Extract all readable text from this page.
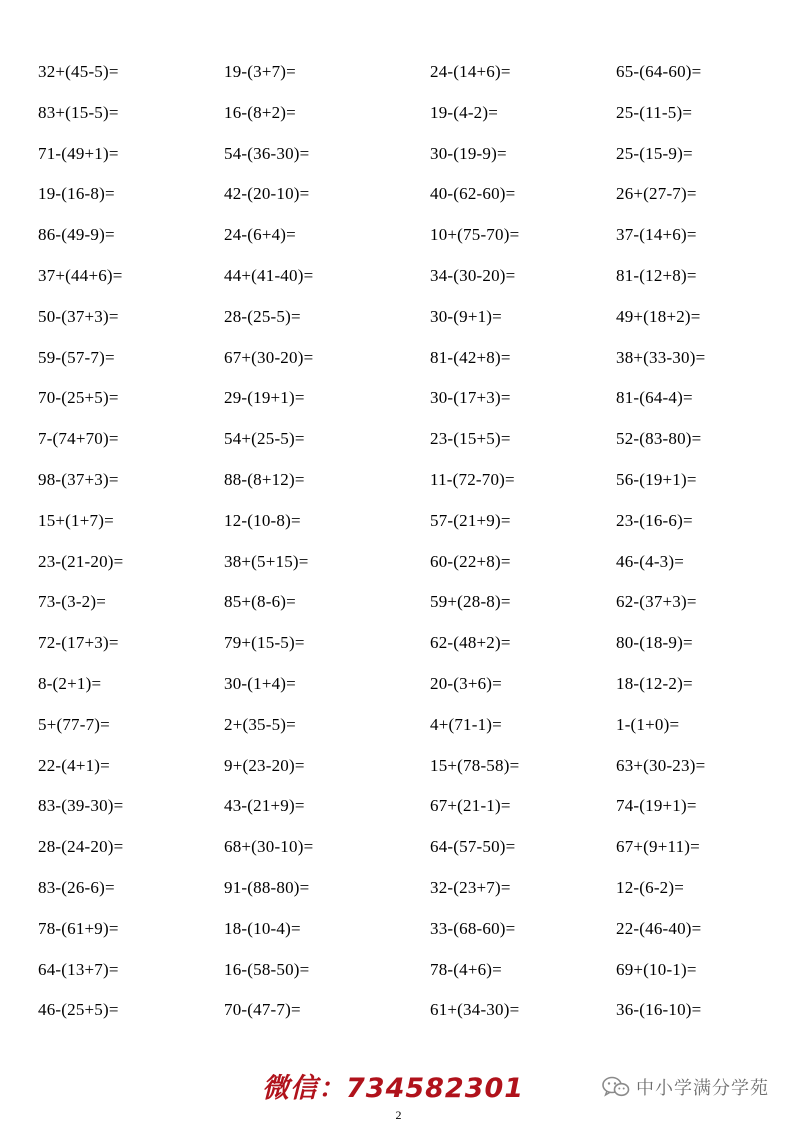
32+(45-5)=	19-(3+7)=	24-(14+6)=	65-(64-60)=
83+(15-5)=	16-(8+2)=	19-(4-2)=	25-(11-5)=
71-(49+1)=	54-(36-30)=	30-(19-9)=	25-(15-9)=
19-(16-8)=	42-(20-10)=	40-(62-60)=	26+(27-7)=
86-(49-9)=	24-(6+4)=	10+(75-70)=	37-(14+6)=
37+(44+6)=	44+(41-40)=	34-(30-20)=	81-(12+8)=
50-(37+3)=	28-(25-5)=	30-(9+1)=	49+(18+2)=
59-(57-7)=	67+(30-20)=	81-(42+8)=	38+(33-30)=
70-(25+5)=	29-(19+1)=	30-(17+3)=	81-(64-4)=
7-(74+70)=	54+(25-5)=	23-(15+5)=	52-(83-80)=
98-(37+3)=	88-(8+12)=	11-(72-70)=	56-(19+1)=
15+(1+7)=	12-(10-8)=	57-(21+9)=	23-(16-6)=
23-(21-20)=	38+(5+15)=	60-(22+8)=	46-(4-3)=
73-(3-2)=	85+(8-6)=	59+(28-8)=	62-(37+3)=
72-(17+3)=	79+(15-5)=	62-(48+2)=	80-(18-9)=
8-(2+1)=	30-(1+4)=	20-(3+6)=	18-(12-2)=
5+(77-7)=	2+(35-5)=	4+(71-1)=	1-(1+0)=
22-(4+1)=	9+(23-20)=	15+(78-58)=	63+(30-23)=
83-(39-30)=	43-(21+9)=	67+(21-1)=	74-(19+1)=
28-(24-20)=	68+(30-10)=	64-(57-50)=	67+(9+11)=
83-(26-6)=	91-(88-80)=	32-(23+7)=	12-(6-2)=
78-(61+9)=	18-(10-4)=	33-(68-60)=	22-(46-40)=
64-(13+7)=	16-(58-50)=	78-(4+6)=	69+(10-1)=
46-(25+5)=	70-(47-7)=	61+(34-30)=	36-(16-10)=
微信：734582301	中小学满分学苑
2
